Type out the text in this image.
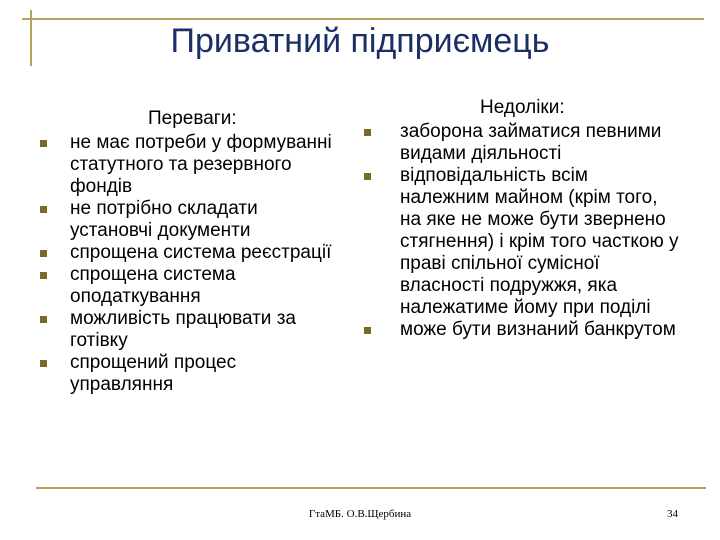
Приватний підприємець
Переваги:
не має потреби у формуванні статутного та резервного фондів
не потрібно складати установчі документи
спрощена система реєстрації
спрощена система оподаткування
можливість працювати за готівку
спрощений процес управляння
Недоліки:
заборона займатися певними видами діяльності
відповідальність всім належним майном (крім того, на яке не може бути звернено стягнення) і крім того часткою у праві спільної сумісної власності подружжя, яка належатиме йому при поділі
може бути визнаний банкрутом
ГтаМБ. О.В.Щербина	34
